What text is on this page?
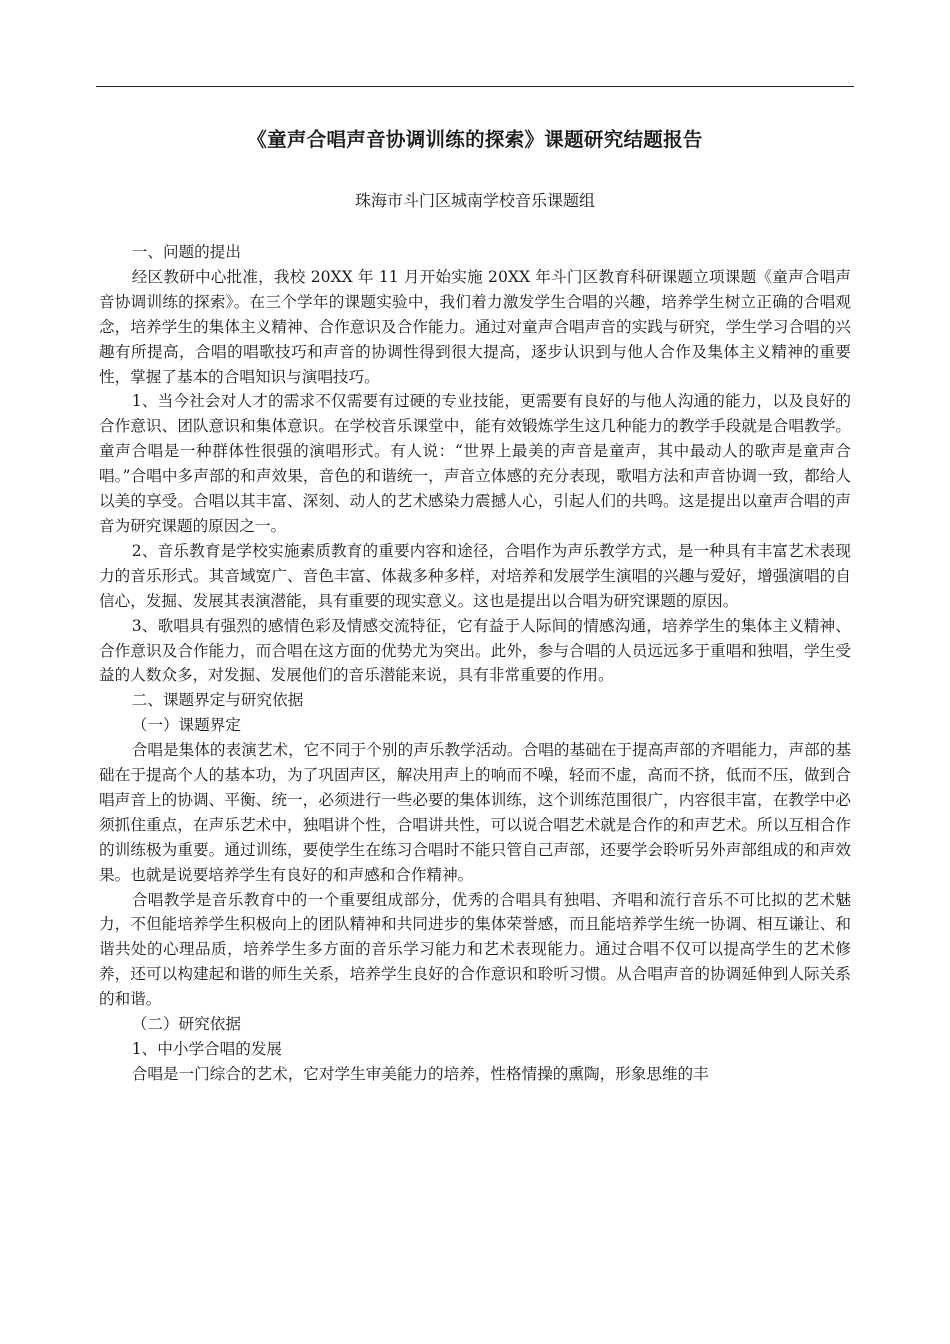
《童声合唱声音协调训练的探索》课题研究结题报告
珠海市斗门区城南学校音乐课题组

一、问题的提出

经区教研中心批准，我校 20XX 年 11 月开始实施 20XX 年斗门区教育科研课题立项课题《童声合唱声音协调训练的探索》。在三个学年的课题实验中，我们着力激发学生合唱的兴趣，培养学生树立正确的合唱观念，培养学生的集体主义精神、合作意识及合作能力。通过对童声合唱声音的实践与研究，学生学习合唱的兴趣有所提高，合唱的唱歌技巧和声音的协调性得到很大提高，逐步认识到与他人合作及集体主义精神的重要性，掌握了基本的合唱知识与演唱技巧。

1、当今社会对人才的需求不仅需要有过硬的专业技能，更需要有良好的与他人沟通的能力，以及良好的合作意识、团队意识和集体意识。在学校音乐课堂中，能有效锻炼学生这几种能力的教学手段就是合唱教学。童声合唱是一种群体性很强的演唱形式。有人说：“世界上最美的声音是童声，其中最动人的歌声是童声合唱。”合唱中多声部的和声效果，音色的和谐统一，声音立体感的充分表现，歌唱方法和声音协调一致，都给人以美的享受。合唱以其丰富、深刻、动人的艺术感染力震撼人心，引起人们的共鸣。这是提出以童声合唱的声音为研究课题的原因之一。

2、音乐教育是学校实施素质教育的重要内容和途径，合唱作为声乐教学方式，是一种具有丰富艺术表现力的音乐形式。其音域宽广、音色丰富、体裁多种多样，对培养和发展学生演唱的兴趣与爱好，增强演唱的自信心，发掘、发展其表演潜能，具有重要的现实意义。这也是提出以合唱为研究课题的原因。

3、歌唱具有强烈的感情色彩及情感交流特征，它有益于人际间的情感沟通，培养学生的集体主义精神、合作意识及合作能力，而合唱在这方面的优势尤为突出。此外，参与合唱的人员远远多于重唱和独唱，学生受益的人数众多，对发掘、发展他们的音乐潜能来说，具有非常重要的作用。

二、课题界定与研究依据

（一）课题界定

合唱是集体的表演艺术，它不同于个别的声乐教学活动。合唱的基础在于提高声部的齐唱能力，声部的基础在于提高个人的基本功，为了巩固声区，解决用声上的响而不噪，轻而不虚，高而不挤，低而不压，做到合唱声音上的协调、平衡、统一，必须进行一些必要的集体训练，这个训练范围很广，内容很丰富，在教学中必须抓住重点，在声乐艺术中，独唱讲个性，合唱讲共性，可以说合唱艺术就是合作的和声艺术。所以互相合作的训练极为重要。通过训练，要使学生在练习合唱时不能只管自己声部，还要学会聆听另外声部组成的和声效果。也就是说要培养学生有良好的和声感和合作精神。

合唱教学是音乐教育中的一个重要组成部分，优秀的合唱具有独唱、齐唱和流行音乐不可比拟的艺术魅力，不但能培养学生积极向上的团队精神和共同进步的集体荣誉感，而且能培养学生统一协调、相互谦让、和谐共处的心理品质，培养学生多方面的音乐学习能力和艺术表现能力。通过合唱不仅可以提高学生的艺术修养，还可以构建起和谐的师生关系，培养学生良好的合作意识和聆听习惯。从合唱声音的协调延伸到人际关系的和谐。

（二）研究依据

1、中小学合唱的发展

合唱是一门综合的艺术，它对学生审美能力的培养，性格情操的熏陶，形象思维的丰
